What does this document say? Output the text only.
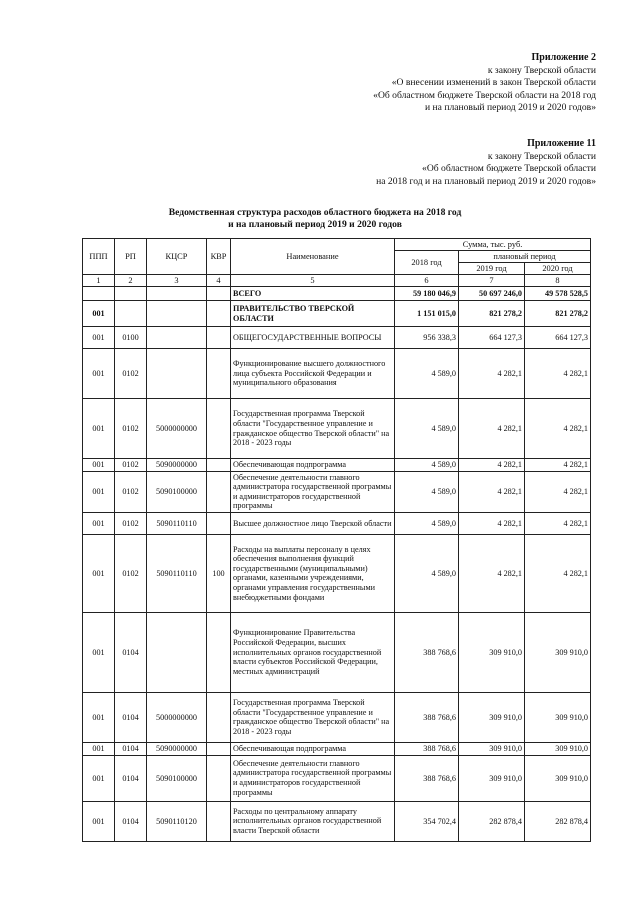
Приложение 2
к закону Тверской области
«О внесении изменений в закон Тверской области
«Об областном бюджете Тверской области на 2018 год
и на плановый период 2019 и 2020 годов»
Приложение 11
к закону Тверской области
«Об областном бюджете Тверской области
на 2018 год и на плановый период 2019 и 2020 годов»
Ведомственная структура расходов областного бюджета на 2018 год
и на плановый период 2019 и 2020 годов
ППП	РП	КЦСР	КВР	Наименование	Сумма, тыс. руб.		
					2018 год	плановый период	
						2019 год	2020 год
1	2	3	4	5	6	7	8
				ВСЕГО	59 180 046,9	50 697 246,0	49 578 528,5
001				ПРАВИТЕЛЬСТВО ТВЕРСКОЙ ОБЛАСТИ	1 151 015,0	821 278,2	821 278,2
001	0100			ОБЩЕГОСУДАРСТВЕННЫЕ ВОПРОСЫ	956 338,3	664 127,3	664 127,3
001	0102			Функционирование высшего должностного лица субъекта Российской Федерации и муниципального образования	4 589,0	4 282,1	4 282,1
001	0102	5000000000		Государственная программа Тверской области "Государственное управление и гражданское общество Тверской области" на 2018 - 2023 годы	4 589,0	4 282,1	4 282,1
001	0102	5090000000		Обеспечивающая подпрограмма	4 589,0	4 282,1	4 282,1
001	0102	5090100000		Обеспечение деятельности главного администратора государственной программы и администраторов государственной программы	4 589,0	4 282,1	4 282,1
001	0102	5090110110		Высшее должностное лицо Тверской области	4 589,0	4 282,1	4 282,1
001	0102	5090110110	100	Расходы на выплаты персоналу в целях обеспечения выполнения функций государственными (муниципальными) органами, казенными учреждениями, органами управления государственными внебюджетными фондами	4 589,0	4 282,1	4 282,1
001	0104			Функционирование Правительства Российской Федерации, высших исполнительных органов государственной власти субъектов Российской Федерации, местных администраций	388 768,6	309 910,0	309 910,0
001	0104	5000000000		Государственная программа Тверской области "Государственное управление и гражданское общество Тверской области" на 2018 - 2023 годы	388 768,6	309 910,0	309 910,0
001	0104	5090000000		Обеспечивающая подпрограмма	388 768,6	309 910,0	309 910,0
001	0104	5090100000		Обеспечение деятельности главного администратора государственной программы и администраторов государственной программы	388 768,6	309 910,0	309 910,0
001	0104	5090110120		Расходы по центральному аппарату исполнительных органов государственной власти Тверской области	354 702,4	282 878,4	282 878,4
